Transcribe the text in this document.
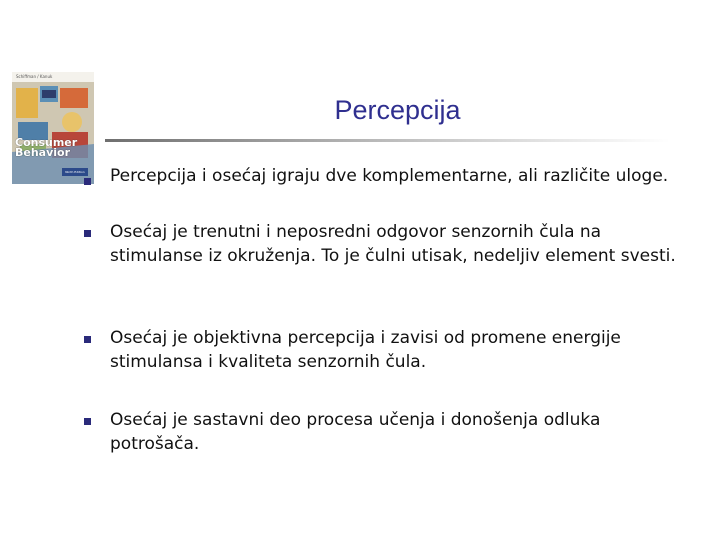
Schiffman / Kanuk
Consumer
Behavior
Ninth Edition
Percepcija

Percepcija i osećaj igraju dve komplementarne, ali različite uloge.

Osećaj je trenutni i neposredni odgovor senzornih čula na stimulanse iz okruženja. To je čulni utisak, nedeljiv element svesti.

Osećaj je objektivna percepcija i zavisi od promene energije stimulansa i kvaliteta senzornih čula.

Osećaj je sastavni deo procesa učenja i donošenja odluka potrošača.
